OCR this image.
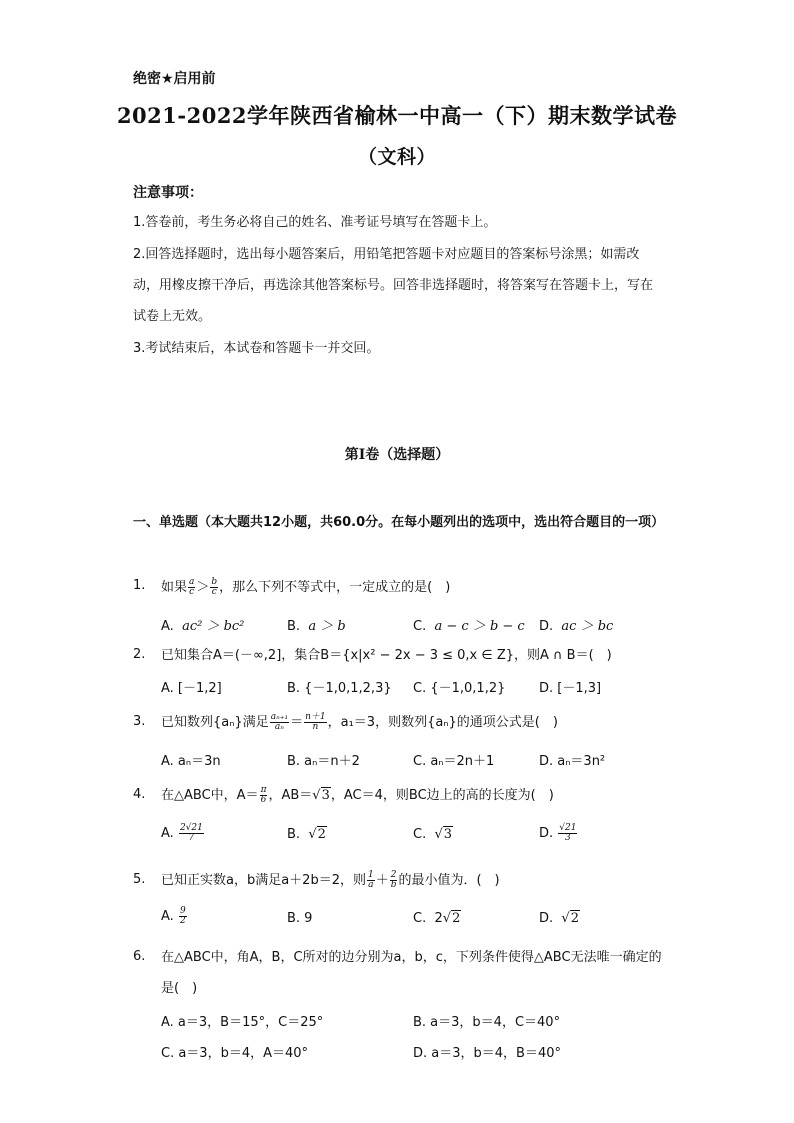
绝密★启用前
2021-2022学年陕西省榆林一中高一（下）期末数学试卷
（文科）
注意事项：
1.答卷前，考生务必将自己的姓名、准考证号填写在答题卡上。
2.回答选择题时，选出每小题答案后，用铅笔把答题卡对应题目的答案标号涂黑；如需改动，用橡皮擦干净后，再选涂其他答案标号。回答非选择题时，将答案写在答题卡上，写在试卷上无效。
3.考试结束后，本试卷和答题卡一并交回。
第I卷（选择题）
一、单选题（本大题共12小题，共60.0分。在每小题列出的选项中，选出符合题目的一项）
1. 如果 $\frac{a}{c} > \frac{b}{c}$ ，那么下列不等式中，一定成立的是(　)
A. ac² ＞ bc²	B. a ＞ b	C. a − c ＞ b − c D. ac ＞ bc
2. 已知集合A＝(－∞,2]，集合B＝{x|x² − 2x − 3 ≤ 0,x ∈ Z}，则A ∩ B＝(　)
A. [－1,2]	B. {－1,0,1,2,3} C. {－1,0,1,2}	D. [－1,3]
3. 已知数列{aₙ}满足 $\frac{\text{aₙ₊₁}}{\text{aₙ}} = \frac{n+1}{n}$ ，a₁＝3，则数列{aₙ}的通项公式是(　)
A. aₙ＝3n	B. aₙ＝n＋2	C. aₙ＝2n＋1	D. aₙ＝3n²
4. 在△ABC中，$A= \frac{\pi}{6}$ ，AB＝√3，AC＝4，则BC边上的高的长度为(　)
A. $\frac{2√21}{7}$	B. √2	C. √3	D. $\frac{√21}{3}$
5. 已知正实数a，b满足a＋2b＝2，则 $\frac{1}{a} + \frac{2}{b}$ 的最小值为．(　)
A. $\frac{9}{2}$	B. 9	C. 2√2	D. √2
6. 在△ABC中，角A，B，C所对的边分别为a，b，c，下列条件使得△ABC无法唯一确定的是(　)
A. a＝3，B＝15°，C＝25°	B. a＝3，b＝4，C＝40°
C. a＝3，b＝4，A＝40°	D. a＝3，b＝4，B＝40°
